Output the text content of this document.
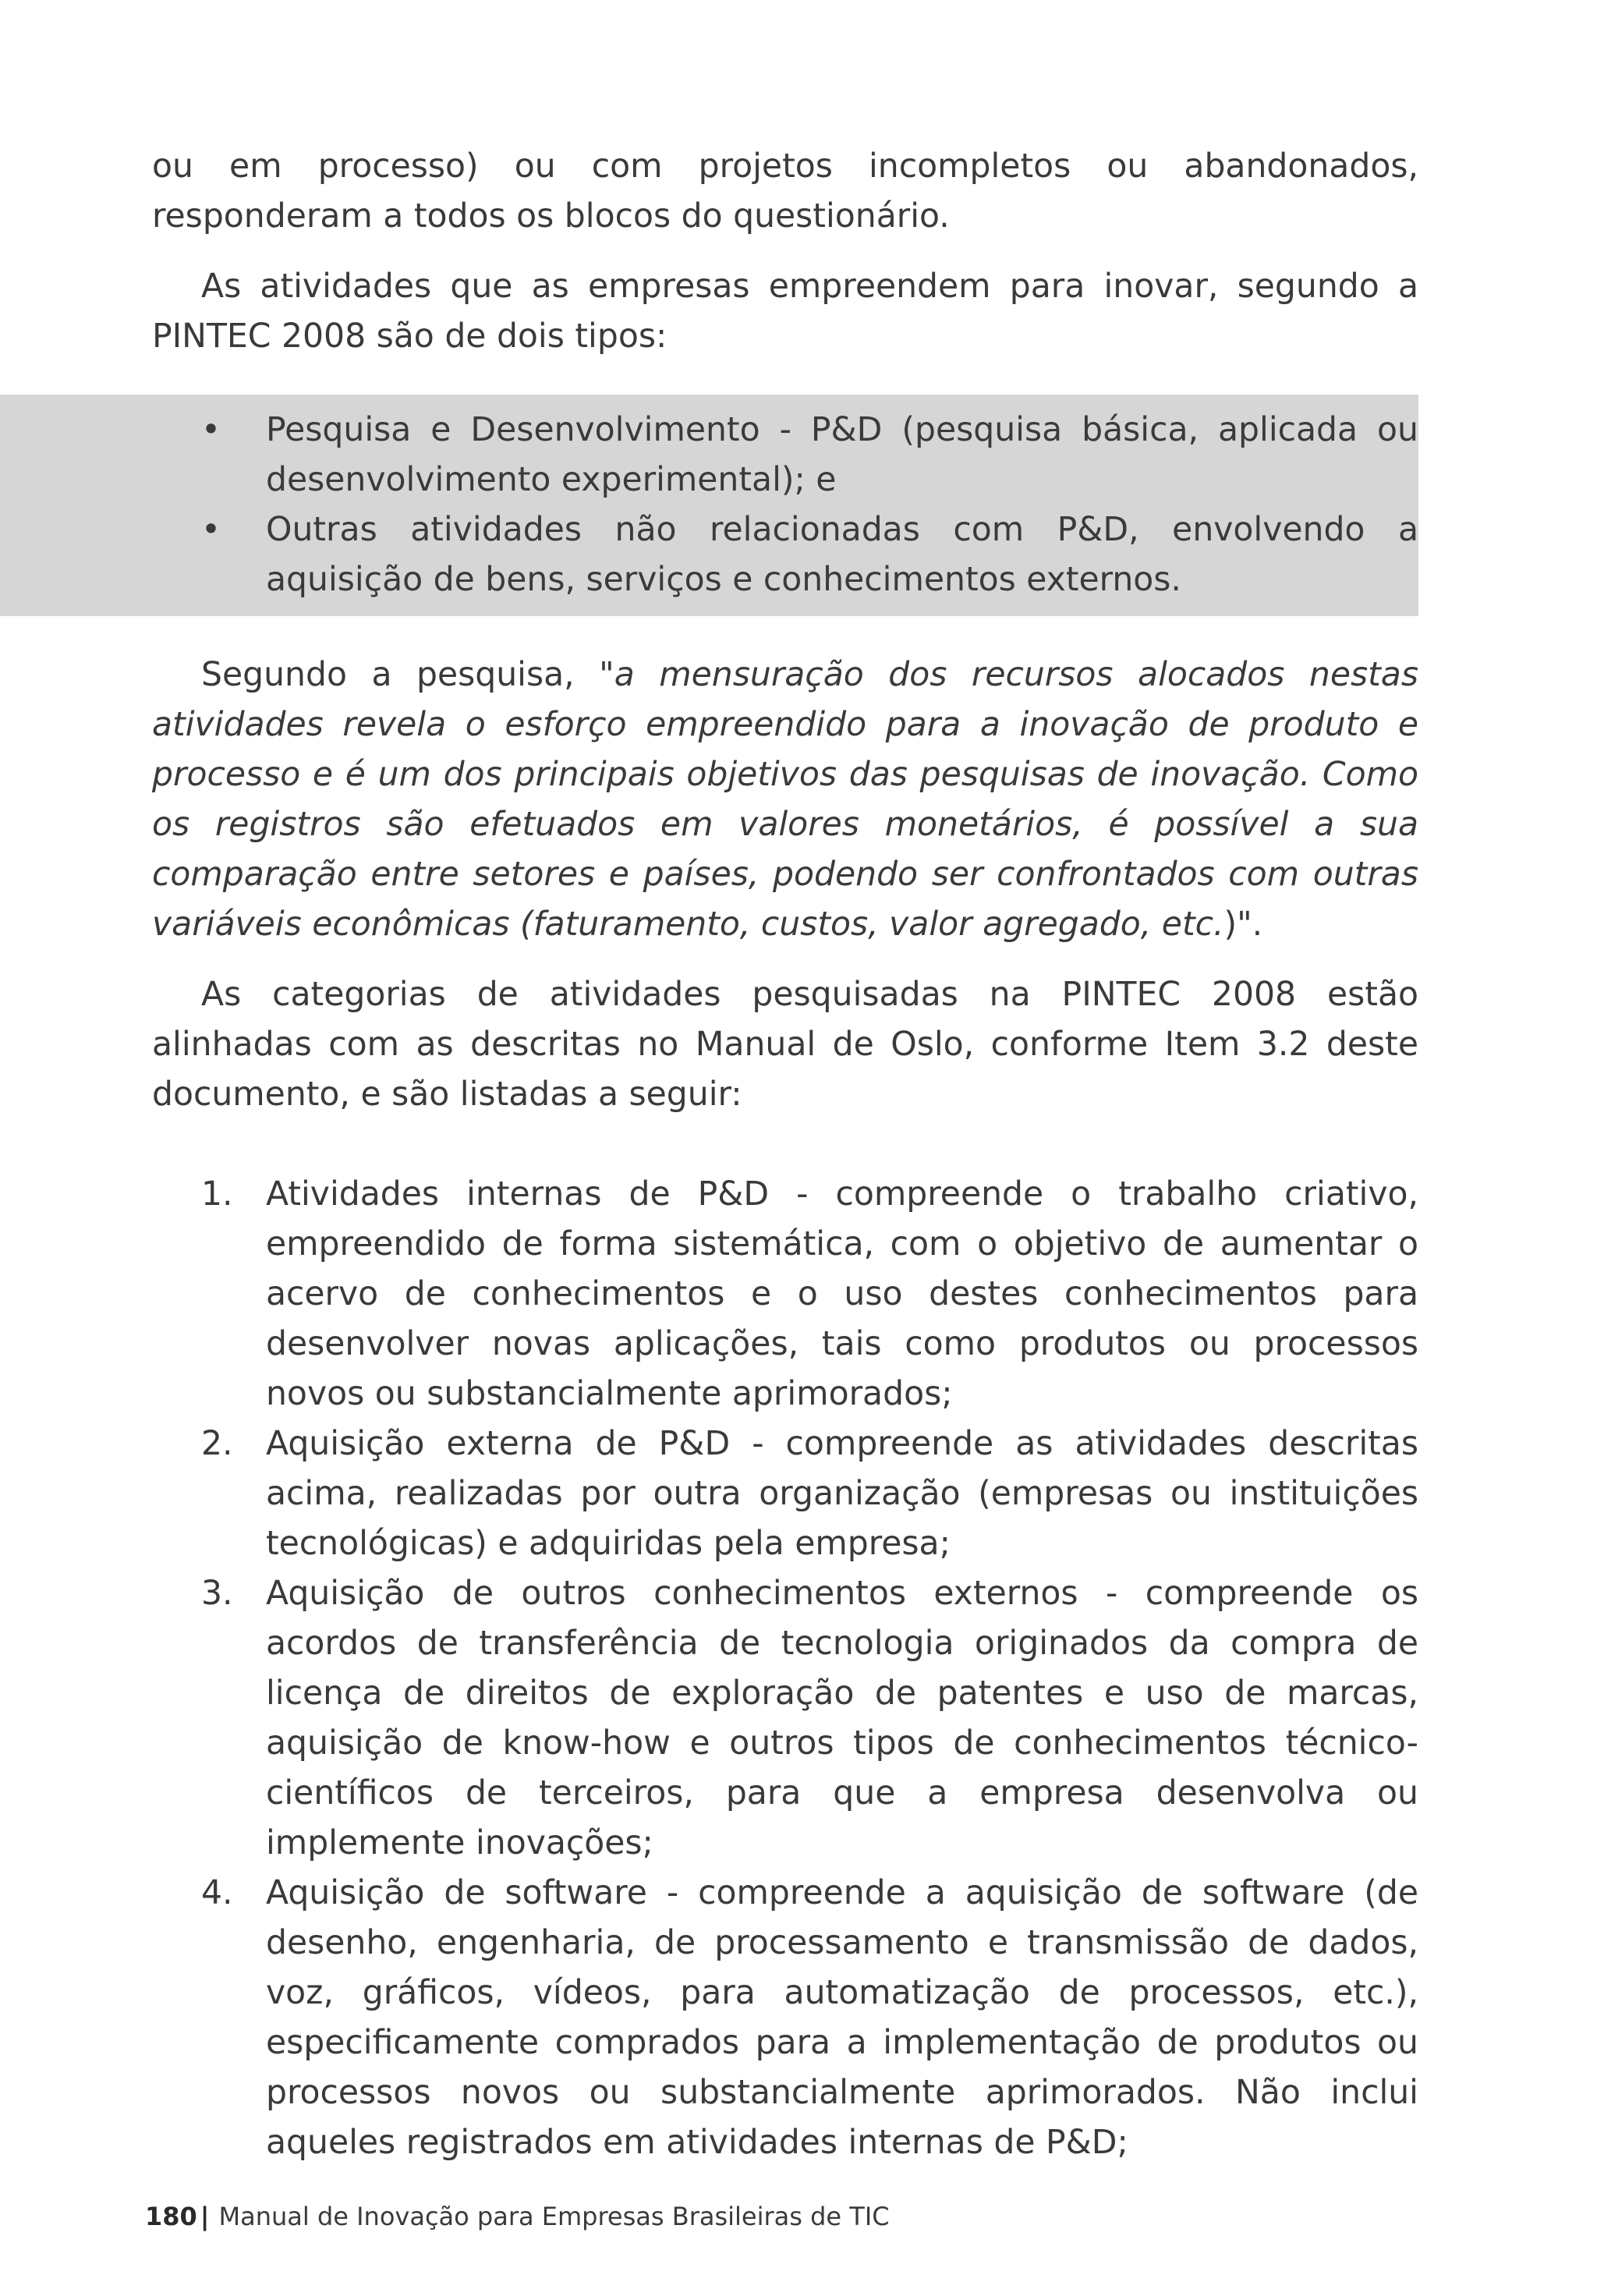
ou em processo) ou com projetos incompletos ou abandonados, responderam a todos os blocos do questionário.

As atividades que as empresas empreendem para inovar, segundo a PINTEC 2008 são de dois tipos:

• Pesquisa e Desenvolvimento - P&D (pesquisa básica, aplicada ou desenvolvimento experimental); e
• Outras atividades não relacionadas com P&D, envolvendo a aquisição de bens, serviços e conhecimentos externos.

Segundo a pesquisa, "a mensuração dos recursos alocados nestas atividades revela o esforço empreendido para a inovação de produto e processo e é um dos principais objetivos das pesquisas de inovação. Como os registros são efetuados em valores monetários, é possível a sua comparação entre setores e países, podendo ser confrontados com outras variáveis econômicas (faturamento, custos, valor agregado, etc.)".

As categorias de atividades pesquisadas na PINTEC 2008 estão alinhadas com as descritas no Manual de Oslo, conforme Item 3.2 deste documento, e são listadas a seguir:

1. Atividades internas de P&D - compreende o trabalho criativo, empreendido de forma sistemática, com o objetivo de aumentar o acervo de conhecimentos e o uso destes conhecimentos para desenvolver novas aplicações, tais como produtos ou processos novos ou substancialmente aprimorados;
2. Aquisição externa de P&D - compreende as atividades descritas acima, realizadas por outra organização (empresas ou instituições tecnológicas) e adquiridas pela empresa;
3. Aquisição de outros conhecimentos externos - compreende os acordos de transferência de tecnologia originados da compra de licença de direitos de exploração de patentes e uso de marcas, aquisição de know-how e outros tipos de conhecimentos técnico-científicos de terceiros, para que a empresa desenvolva ou implemente inovações;
4. Aquisição de software - compreende a aquisição de software (de desenho, engenharia, de processamento e transmissão de dados, voz, gráficos, vídeos, para automatização de processos, etc.), especificamente comprados para a implementação de produtos ou processos novos ou substancialmente aprimorados. Não inclui aqueles registrados em atividades internas de P&D;
180 | Manual de Inovação para Empresas Brasileiras de TIC
